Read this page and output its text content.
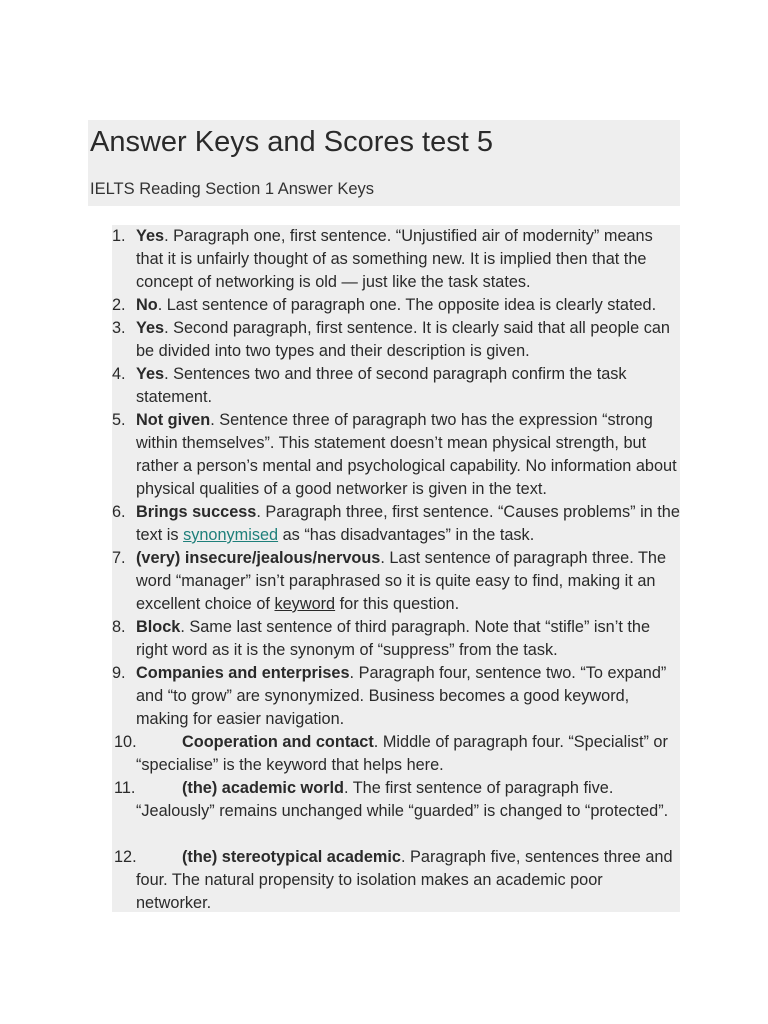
Answer Keys and Scores test 5
IELTS Reading Section 1 Answer Keys
1. Yes. Paragraph one, first sentence. “Unjustified air of modernity” means that it is unfairly thought of as something new. It is implied then that the concept of networking is old — just like the task states.
2. No. Last sentence of paragraph one. The opposite idea is clearly stated.
3. Yes. Second paragraph, first sentence. It is clearly said that all people can be divided into two types and their description is given.
4. Yes. Sentences two and three of second paragraph confirm the task statement.
5. Not given. Sentence three of paragraph two has the expression “strong within themselves”. This statement doesn’t mean physical strength, but rather a person’s mental and psychological capability. No information about physical qualities of a good networker is given in the text.
6. Brings success. Paragraph three, first sentence. “Causes problems” in the text is synonymised as “has disadvantages” in the task.
7. (very) insecure/jealous/nervous. Last sentence of paragraph three. The word “manager” isn’t paraphrased so it is quite easy to find, making it an excellent choice of keyword for this question.
8. Block. Same last sentence of third paragraph. Note that “stifle” isn’t the right word as it is the synonym of “suppress” from the task.
9. Companies and enterprises. Paragraph four, sentence two. “To expand” and “to grow” are synonymized. Business becomes a good keyword, making for easier navigation.
10.	Cooperation and contact. Middle of paragraph four. “Specialist” or “specialise” is the keyword that helps here.
11.	(the) academic world. The first sentence of paragraph five. “Jealously” remains unchanged while “guarded” is changed to “protected”.
12.	(the) stereotypical academic. Paragraph five, sentences three and four. The natural propensity to isolation makes an academic poor networker.
